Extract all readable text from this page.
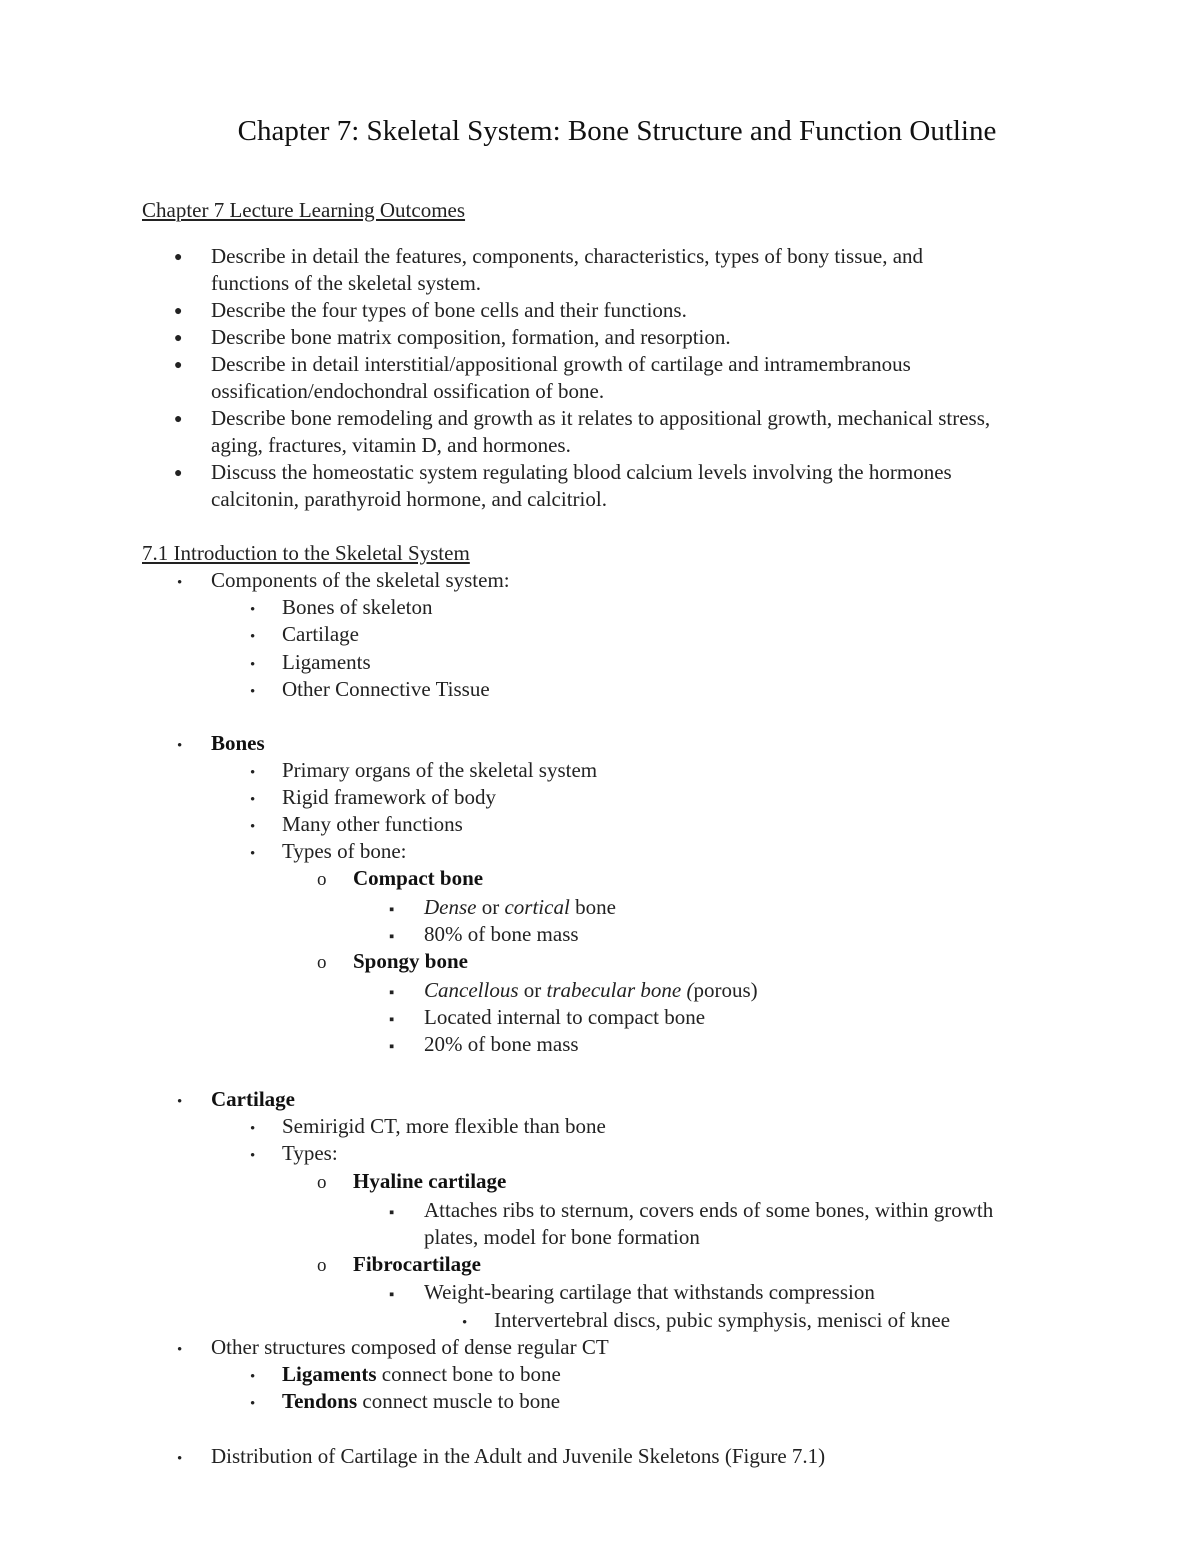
Chapter 7: Skeletal System: Bone Structure and Function Outline
Chapter 7 Lecture Learning Outcomes
●
Describe in detail the features, components, characteristics, types of bony tissue, and
functions of the skeletal system.
●
Describe the four types of bone cells and their functions.
●
Describe bone matrix composition, formation, and resorption.
●
Describe in detail interstitial/appositional growth of cartilage and intramembranous
ossification/endochondral ossification of bone.
●
Describe bone remodeling and growth as it relates to appositional growth, mechanical stress,
aging, fractures, vitamin D, and hormones.
●
Discuss the homeostatic system regulating blood calcium levels involving the hormones
calcitonin, parathyroid hormone, and calcitriol.
7.1 Introduction to the Skeletal System
•
Components of the skeletal system:
•
Bones of skeleton
•
Cartilage
•
Ligaments
•
Other Connective Tissue
•
Bones
•
Primary organs of the skeletal system
•
Rigid framework of body
•
Many other functions
•
Types of bone:
o
Compact bone
▪
Dense or cortical bone
▪
80% of bone mass
o
Spongy bone
▪
Cancellous or trabecular bone (porous)
▪
Located internal to compact bone
▪
20% of bone mass
•
Cartilage
•
Semirigid CT, more flexible than bone
•
Types:
o
Hyaline cartilage
▪
Attaches ribs to sternum, covers ends of some bones, within growth
plates, model for bone formation
o
Fibrocartilage
▪
Weight-bearing cartilage that withstands compression
•
Intervertebral discs, pubic symphysis, menisci of knee
•
Other structures composed of dense regular CT
•
Ligaments connect bone to bone
•
Tendons connect muscle to bone
•
Distribution of Cartilage in the Adult and Juvenile Skeletons (Figure 7.1)
